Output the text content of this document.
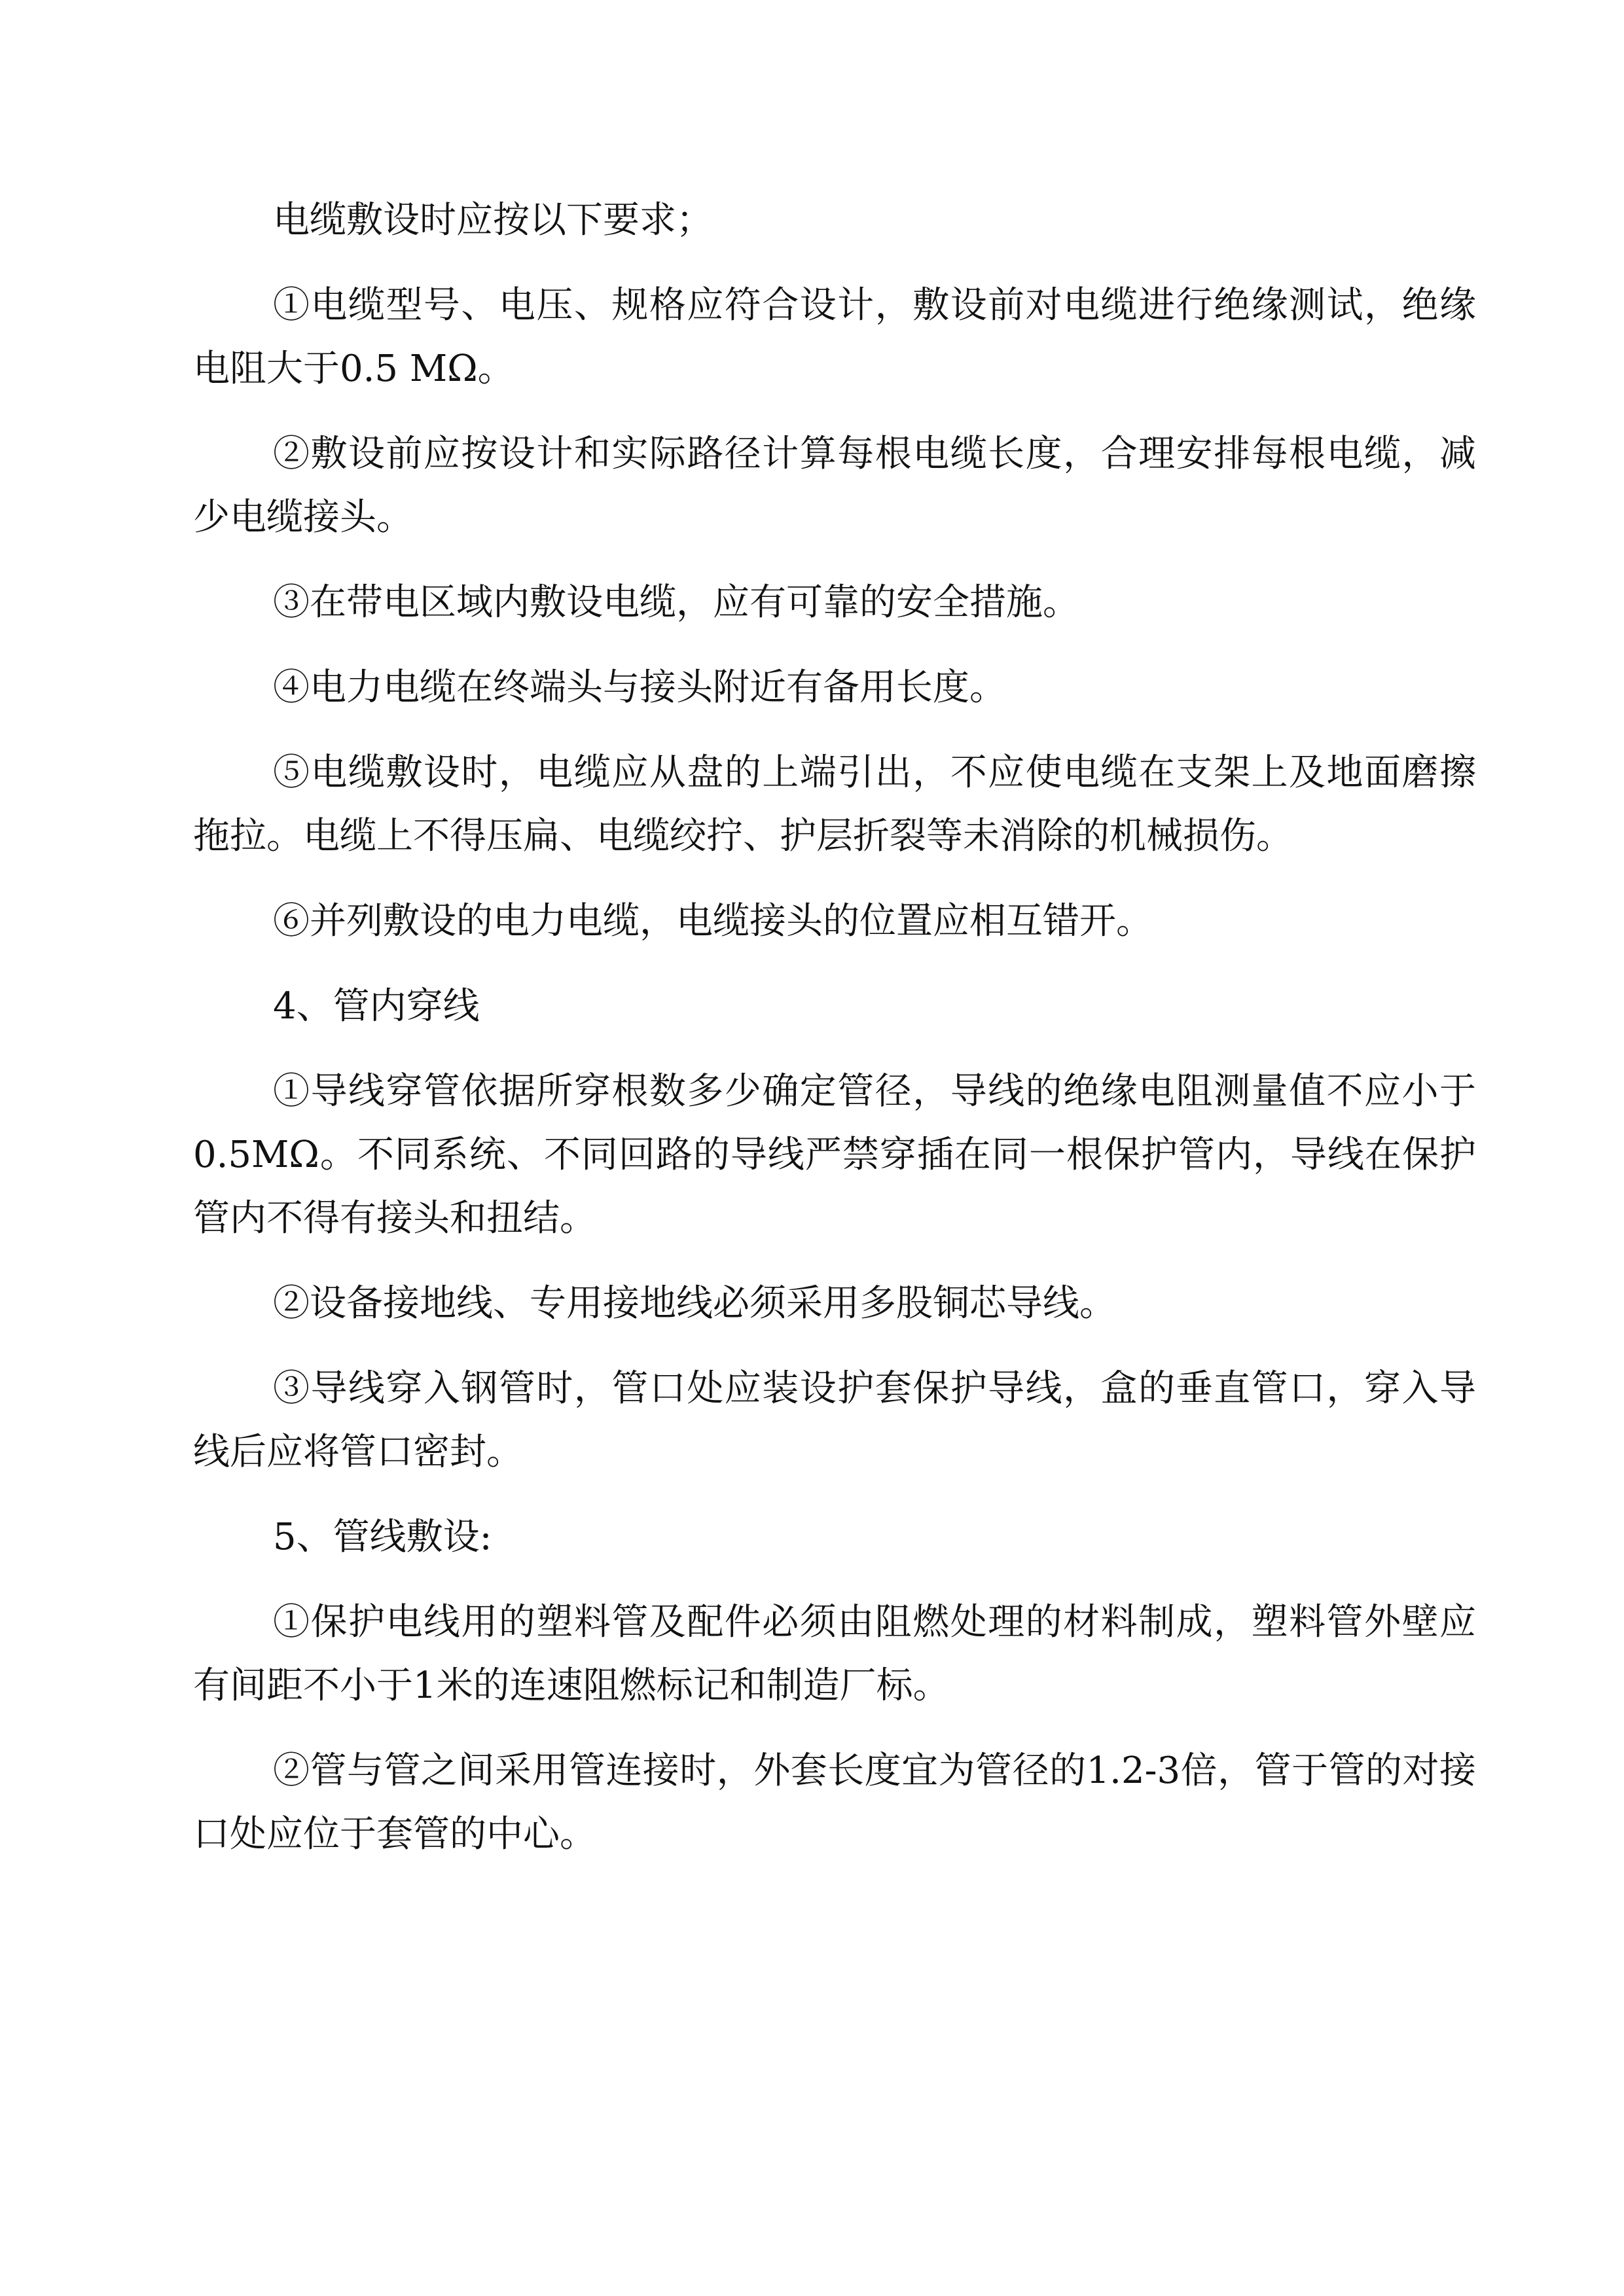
电缆敷设时应按以下要求；

①电缆型号、电压、规格应符合设计，敷设前对电缆进行绝缘测试，绝缘电阻大于0.5 MΩ。

②敷设前应按设计和实际路径计算每根电缆长度，合理安排每根电缆，减少电缆接头。

③在带电区域内敷设电缆，应有可靠的安全措施。

④电力电缆在终端头与接头附近有备用长度。

⑤电缆敷设时，电缆应从盘的上端引出，不应使电缆在支架上及地面磨擦拖拉。电缆上不得压扁、电缆绞拧、护层折裂等未消除的机械损伤。

⑥并列敷设的电力电缆，电缆接头的位置应相互错开。

4、管内穿线

①导线穿管依据所穿根数多少确定管径，导线的绝缘电阻测量值不应小于0.5MΩ。不同系统、不同回路的导线严禁穿插在同一根保护管内，导线在保护管内不得有接头和扭结。

②设备接地线、专用接地线必须采用多股铜芯导线。

③导线穿入钢管时，管口处应装设护套保护导线，盒的垂直管口，穿入导线后应将管口密封。

5、管线敷设:

①保护电线用的塑料管及配件必须由阻燃处理的材料制成，塑料管外壁应有间距不小于1米的连速阻燃标记和制造厂标。

②管与管之间采用管连接时，外套长度宜为管径的1.2-3倍，管于管的对接口处应位于套管的中心。
